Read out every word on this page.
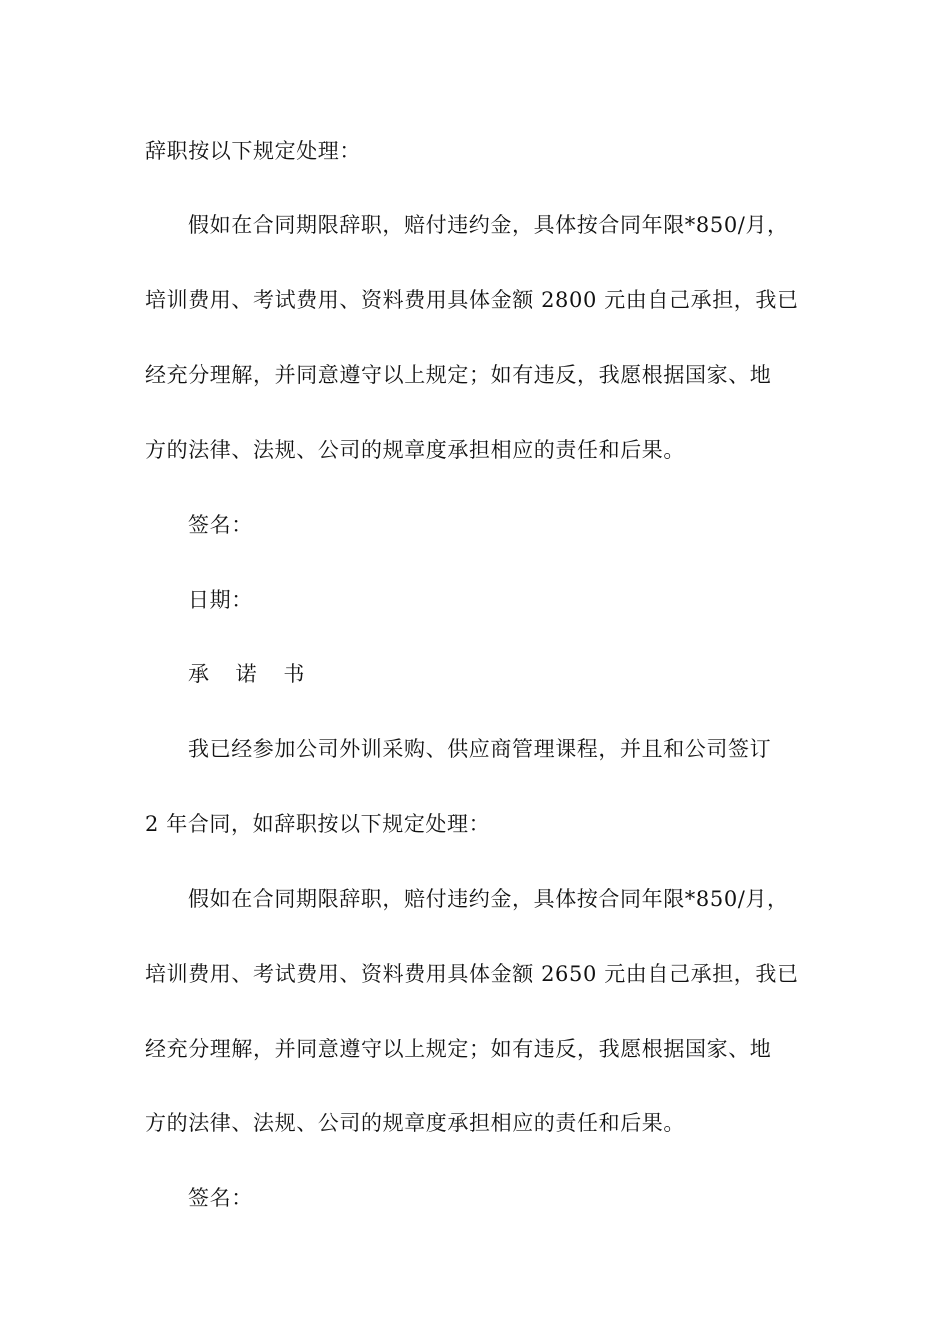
辞职按以下规定处理：
假如在合同期限辞职，赔付违约金，具体按合同年限*850/月，
培训费用、考试费用、资料费用具体金额 2800 元由自己承担，我已
经充分理解，并同意遵守以上规定；如有违反，我愿根据国家、地
方的法律、法规、公司的规章度承担相应的责任和后果。
签名：
日期：
承 诺 书
我已经参加公司外训采购、供应商管理课程，并且和公司签订
2 年合同，如辞职按以下规定处理：
假如在合同期限辞职，赔付违约金，具体按合同年限*850/月，
培训费用、考试费用、资料费用具体金额 2650 元由自己承担，我已
经充分理解，并同意遵守以上规定；如有违反，我愿根据国家、地
方的法律、法规、公司的规章度承担相应的责任和后果。
签名：
